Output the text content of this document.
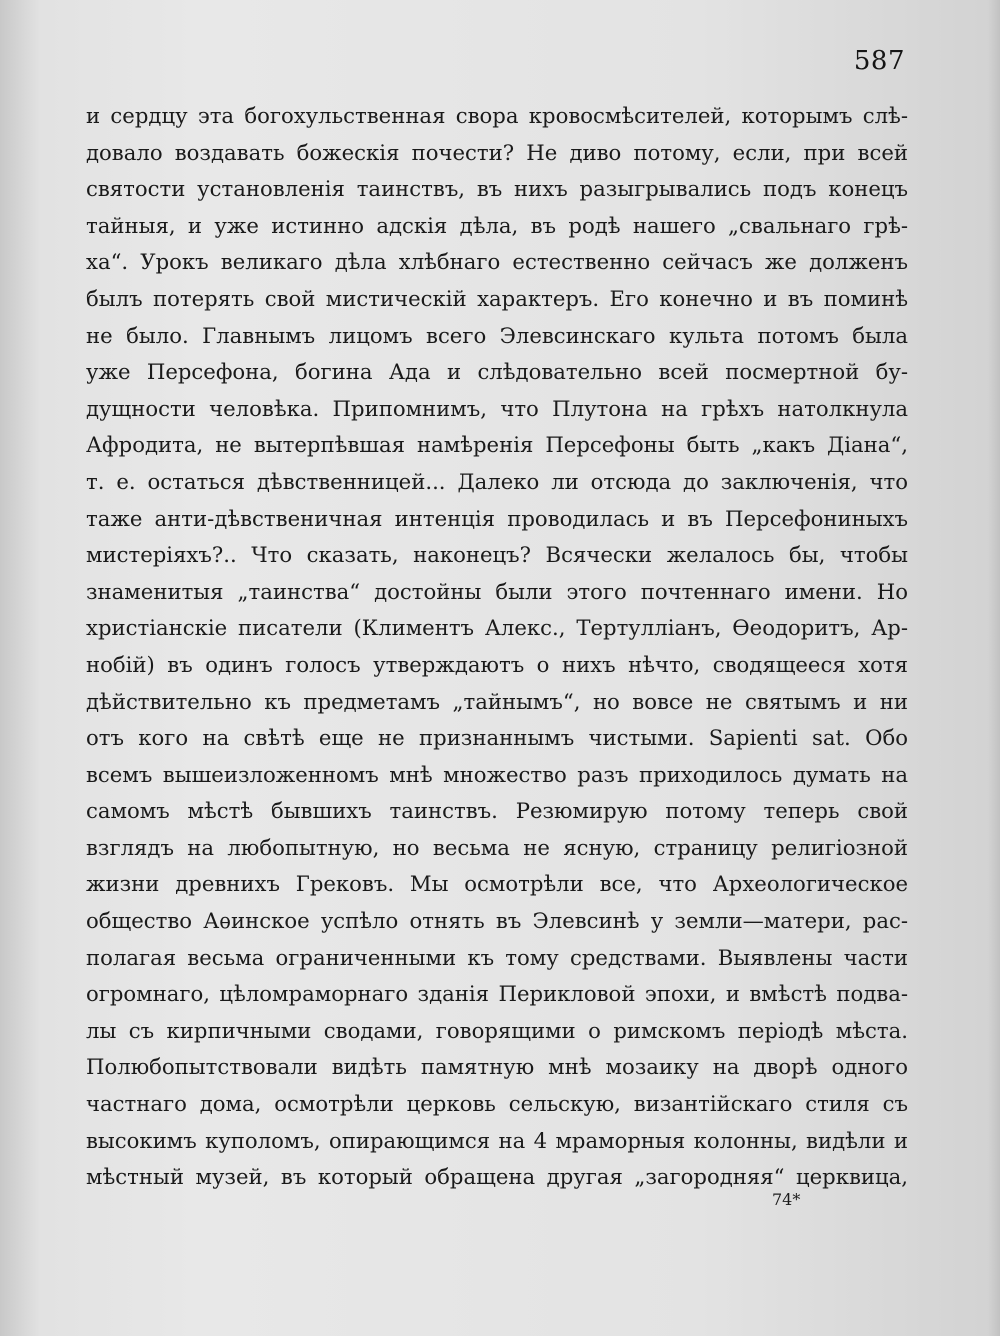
587
и сердцу эта богохульственная свора кровосмѣсителей, которымъ слѣ-
довало воздавать божескія почести? Не диво потому, если, при всей
святости установленія таинствъ, въ нихъ разыгрывались подъ конецъ
тайныя, и уже истинно адскія дѣла, въ родѣ нашего „свальнаго грѣ-
ха“. Урокъ великаго дѣла хлѣбнаго естественно сейчасъ же долженъ
былъ потерять свой мистическій характеръ. Его конечно и въ поминѣ
не было. Главнымъ лицомъ всего Элевсинскаго культа потомъ была
уже Персефона, богина Ада и слѣдовательно всей посмертной бу-
дущности человѣка. Припомнимъ, что Плутона на грѣхъ натолкнула
Афродита, не вытерпѣвшая намѣренія Персефоны быть „какъ Діана“,
т. е. остаться дѣвственницей... Далеко ли отсюда до заключенія, что
таже анти-дѣвственичная интенція проводилась и въ Персефониныхъ
мистеріяхъ?.. Что сказать, наконецъ? Всячески желалось бы, чтобы
знаменитыя „таинства“ достойны были этого почтеннаго имени. Но
христіанскіе писатели (Климентъ Алекс., Тертулліанъ, Ѳеодоритъ, Ар-
нобій) въ одинъ голосъ утверждаютъ о нихъ нѣчто, сводящееся хотя
дѣйствительно къ предметамъ „тайнымъ“, но вовсе не святымъ и ни
отъ кого на свѣтѣ еще не признаннымъ чистыми. Sapienti sat. Обо
всемъ вышеизложенномъ мнѣ множество разъ приходилось думать на
самомъ мѣстѣ бывшихъ таинствъ. Резюмирую потому теперь свой
взглядъ на любопытную, но весьма не ясную, страницу религіозной
жизни древнихъ Грековъ. Мы осмотрѣли все, что Археологическое
общество Аѳинское успѣло отнять въ Элевсинѣ у земли—матери, рас-
полагая весьма ограниченными къ тому средствами. Выявлены части
огромнаго, цѣломраморнаго зданія Перикловой эпохи, и вмѣстѣ подва-
лы съ кирпичными сводами, говорящими о римскомъ періодѣ мѣста.
Полюбопытствовали видѣть памятную мнѣ мозаику на дворѣ одного
частнаго дома, осмотрѣли церковь сельскую, византійскаго стиля съ
высокимъ куполомъ, опирающимся на 4 мраморныя колонны, видѣли и
мѣстный музей, въ который обращена другая „загородняя“ церквица,
74*
